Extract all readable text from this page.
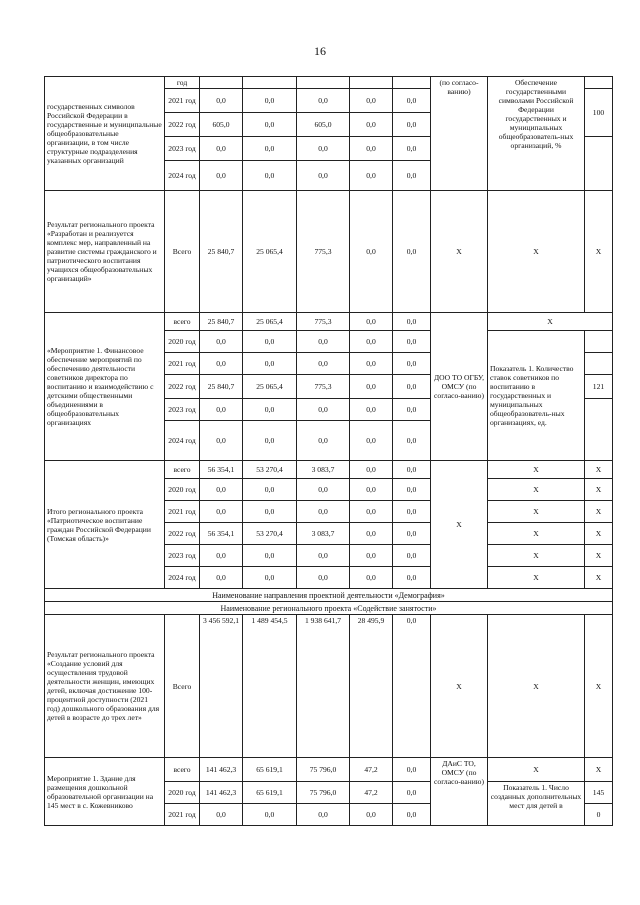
16
государственных символов Российской Федерации в государственные и муниципальные общеобразовательные организации, в том числе структурные подразделения указанных организаций	год						(по согласо-ванию)	Обеспечение государственными символами Российской Федерации государственных и муниципальных общеобразователь-ных организаций, %	
	2021 год	0,0	0,0	0,0	0,0	0,0			100
	2022 год	605,0	0,0	605,0	0,0	0,0			
	2023 год	0,0	0,0	0,0	0,0	0,0			
	2024 год	0,0	0,0	0,0	0,0	0,0			
Результат регионального проекта «Разработан и реализуется комплекс мер, направленный на развитие системы гражданского и патриотического воспитания учащихся общеобразовательных организаций»	Всего	25 840,7	25 065,4	775,3	0,0	0,0	X	X	X
«Мероприятие 1. Финансовое обеспечение мероприятий по обеспечению деятельности советников директора по воспитанию и взаимодействию с детскими общественными объединениями в общеобразовательных организациях	всего	25 840,7	25 065,4	775,3	0,0	0,0	ДОО ТО ОГБУ, ОМСУ (по согласо-ванию)	X	
	2020 год	0,0	0,0	0,0	0,0	0,0		Показатель 1. Количество ставок советников по воспитанию в государственных и муниципальных общеобразователь-ных организациях, ед.	
	2021 год	0,0	0,0	0,0	0,0	0,0			
	2022 год	25 840,7	25 065,4	775,3	0,0	0,0			121
	2023 год	0,0	0,0	0,0	0,0	0,0			
	2024 год	0,0	0,0	0,0	0,0	0,0			
Итого регионального проекта «Патриотическое воспитание граждан Российской Федерации (Томская область)»	всего	56 354,1	53 270,4	3 083,7	0,0	0,0	X	X	X
	2020 год	0,0	0,0	0,0	0,0	0,0		X	X
	2021 год	0,0	0,0	0,0	0,0	0,0		X	X
	2022 год	56 354,1	53 270,4	3 083,7	0,0	0,0		X	X
	2023 год	0,0	0,0	0,0	0,0	0,0		X	X
	2024 год	0,0	0,0	0,0	0,0	0,0		X	X
Наименование направления проектной деятельности «Демография»									
Наименование регионального проекта «Содействие занятости»									
Результат регионального проекта «Создание условий для осуществления трудовой деятельности женщин, имеющих детей, включая достижение 100-процентной доступности (2021 год) дошкольного образования для детей в возрасте до трех лет»	Всего	3 456 592,1	1 489 454,5	1 938 641,7	28 495,9	0,0	X	X	X
Мероприятие 1. Здание для размещения дошкольной образовательной организации на 145 мест в с. Кожевниково	всего	141 462,3	65 619,1	75 796,0	47,2	0,0	ДАиС ТО, ОМСУ (по согласо-ванию)	X	X
	2020 год	141 462,3	65 619,1	75 796,0	47,2	0,0		Показатель 1. Число созданных дополнительных мест для детей в	145
	2021 год	0,0	0,0	0,0	0,0	0,0			0
